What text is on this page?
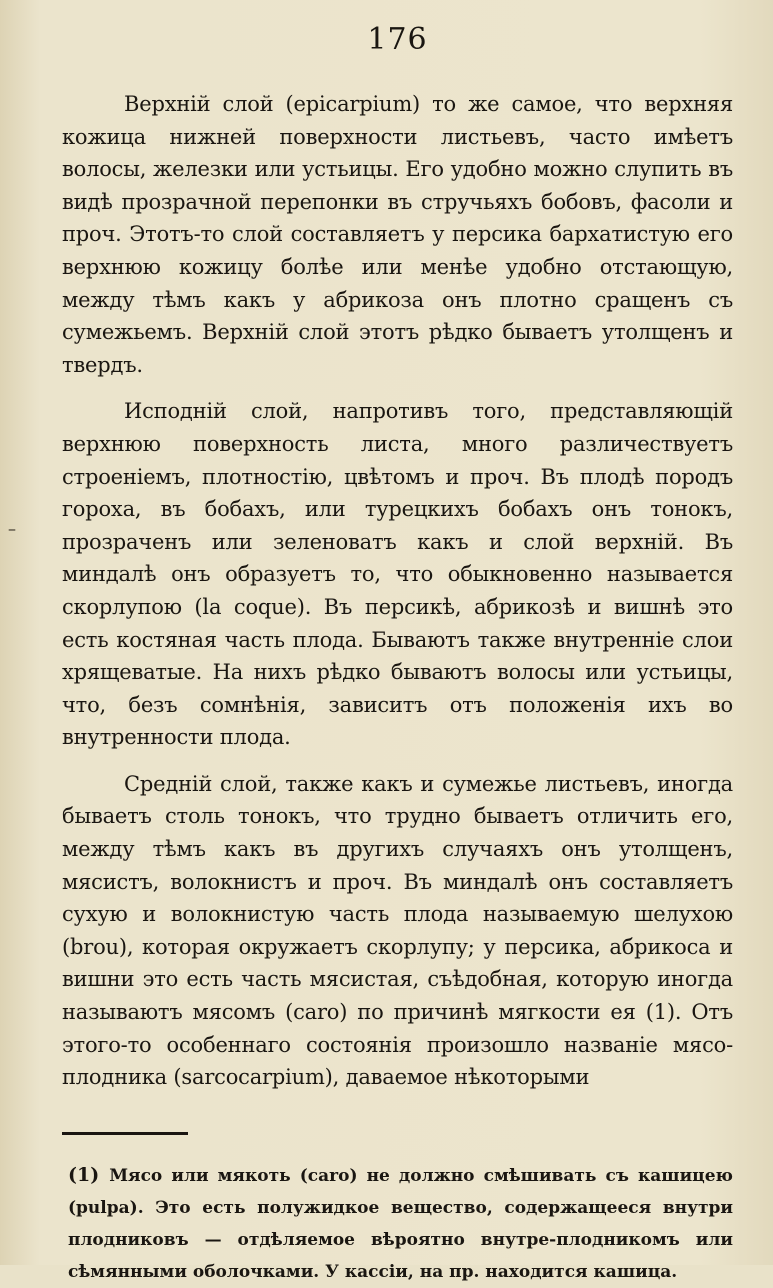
176
–

Верхній слой (epicarpium) то же самое, что верхняя кожица нижней поверхности листьевъ, часто имѣетъ волосы, железки или устьицы. Его удобно можно слупить въ видѣ прозрачной перепонки въ стручьяхъ бобовъ, фасоли и проч. Этотъ-то слой составляетъ у персика бархатистую его верхнюю кожицу болѣе или менѣе удобно отстающую, между тѣмъ какъ у абрикоза онъ плотно сращенъ съ сумежьемъ. Верхній слой этотъ рѣдко бываетъ утолщенъ и твердъ.

Исподній слой, напротивъ того, представляющій верхнюю поверхность листа, много различествуетъ строеніемъ, плотностію, цвѣтомъ и проч. Въ плодѣ породъ гороха, въ бобахъ, или турецкихъ бобахъ онъ тонокъ, прозраченъ или зеленоватъ какъ и слой верхній. Въ миндалѣ онъ образуетъ то, что обыкновенно называется скорлупою (la coque). Въ персикѣ, абрикозѣ и вишнѣ это есть костяная часть плода. Бываютъ также внутренніе слои хрящеватые. На нихъ рѣдко бываютъ волосы или устьицы, что, безъ сомнѣнія, зависитъ отъ положенія ихъ во внутренности плода.

Средній слой, также какъ и сумежье листьевъ, иногда бываетъ столь тонокъ, что трудно бываетъ отличить его, между тѣмъ какъ въ другихъ случаяхъ онъ утолщенъ, мясистъ, волокнистъ и проч. Въ миндалѣ онъ составляетъ сухую и волокнистую часть плода называемую шелухою (brou), которая окружаетъ скорлупу; у персика, абрикоса и вишни это есть часть мясистая, съѣдобная, которую иногда называютъ мясомъ (caro) по причинѣ мягкости ея (1). Отъ этого-то особеннаго состоянія произошло названіе мясо-плодника (sarcocarpium), даваемое нѣкоторыми

(1) Мясо или мякоть (caro) не должно смѣшивать съ кашицею (pulpa). Это есть полужидкое вещество, содержащееся внутри плодниковъ — отдѣляемое вѣроятно внутре-плодникомъ или сѣмянными оболочками. У кассіи, на пр. находится кашица.
